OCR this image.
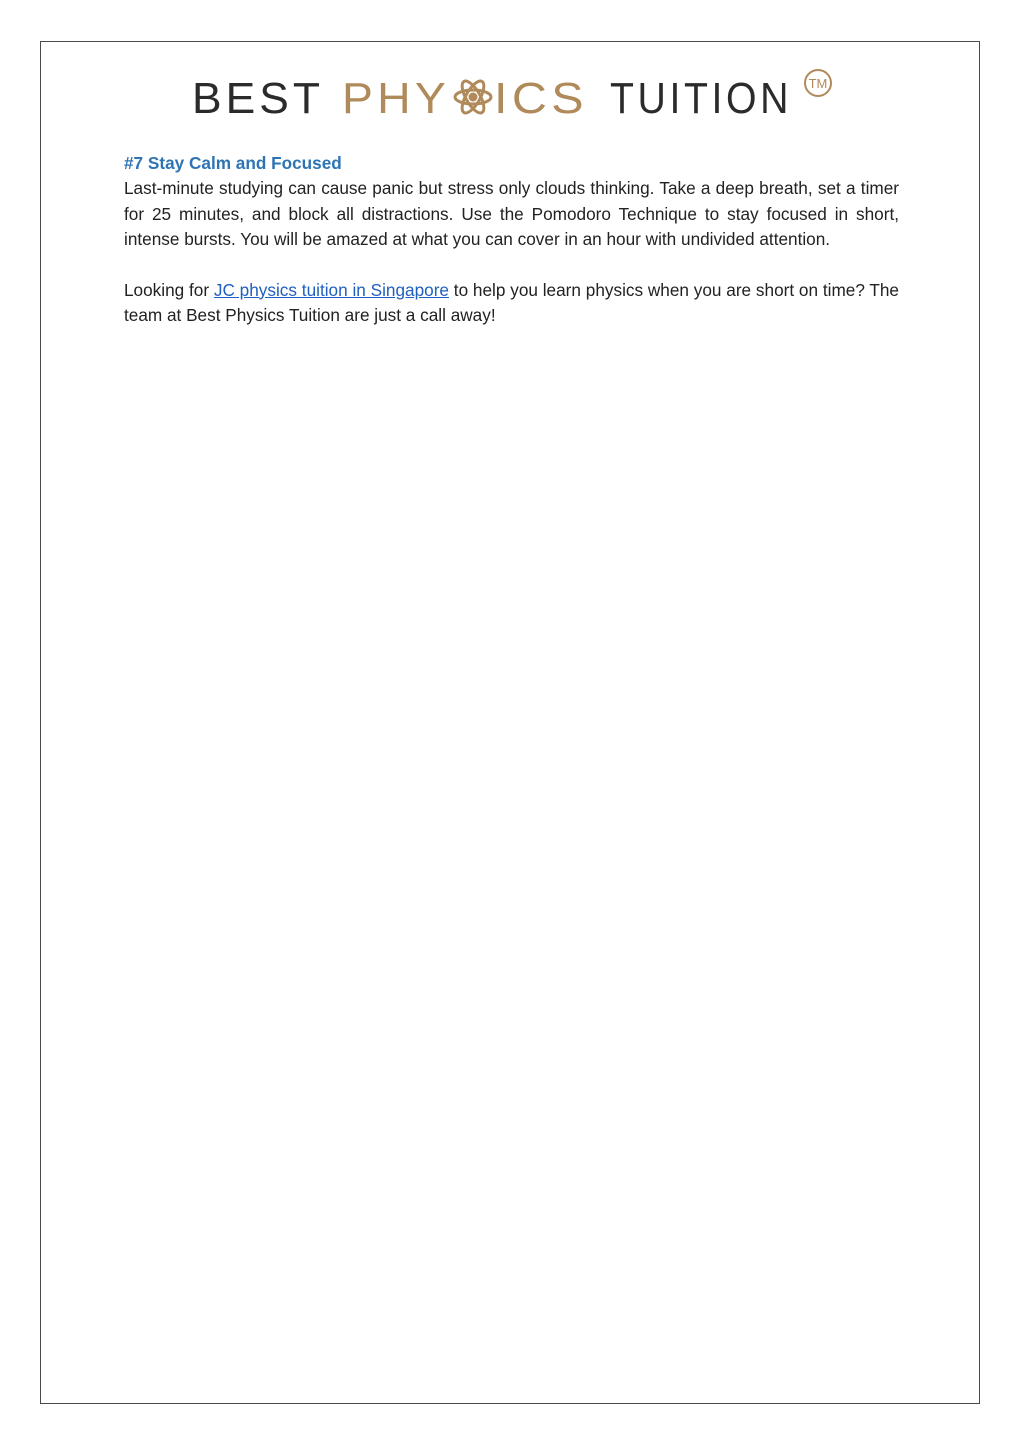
BEST PHY ICS TUITION TM
#7 Stay Calm and Focused

Last-minute studying can cause panic but stress only clouds thinking. Take a deep breath, set a timer for 25 minutes, and block all distractions. Use the Pomodoro Technique to stay focused in short, intense bursts. You will be amazed at what you can cover in an hour with undivided attention.

Looking for JC physics tuition in Singapore to help you learn physics when you are short on time? The team at Best Physics Tuition are just a call away!
